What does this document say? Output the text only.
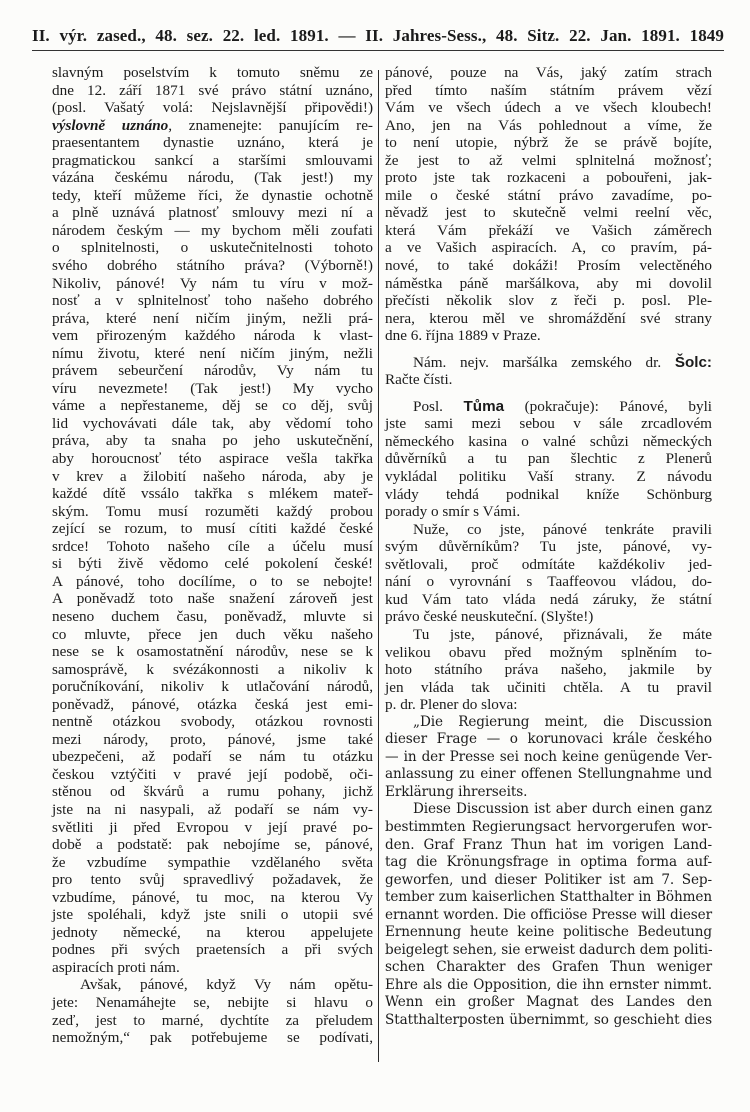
II. výr. zased., 48. sez. 22. led. 1891. — II. Jahres-Sess., 48. Sitz. 22. Jan. 1891. 1849
slavným poselstvím k tomuto sněmu ze
dne 12. září 1871 své právo státní uznáno,
(posl. Vašatý volá: Nejslavnější připovědi!)
výslovně uznáno, znamenejte: panujícím re-
praesentantem dynastie uznáno, která je
pragmatickou sankcí a staršími smlouvami
vázána českému národu, (Tak jest!) my
tedy, kteří můžeme říci, že dynastie ochotně
a plně uznává platnosť smlouvy mezi ní a
národem českým — my bychom měli zoufati
o splnitelnosti, o uskutečnitelnosti tohoto
svého dobrého státního práva? (Výborně!)
Nikoliv, pánové! Vy nám tu víru v mož-
nosť a v splnitelnosť toho našeho dobrého
práva, které není ničím jiným, nežli prá-
vem přirozeným každého národa k vlast-
nímu životu, které není ničím jiným, nežli
právem sebeurčení národův, Vy nám tu
víru nevezmete! (Tak jest!) My vycho
váme a nepřestaneme, děj se co děj, svůj
lid vychovávati dále tak, aby vědomí toho
práva, aby ta snaha po jeho uskutečnění,
aby horoucnosť této aspirace vešla takřka
v krev a žilobití našeho národa, aby je
každé dítě vssálo takřka s mlékem mateř-
ským. Tomu musí rozuměti každý probou
zející se rozum, to musí cítiti každé české
srdce! Tohoto našeho cíle a účelu musí
si býti živě vědomo celé pokolení české!
A pánové, toho docílíme, o to se nebojte!
A poněvadž toto naše snažení zároveň jest
neseno duchem času, poněvadž, mluvte si
co mluvte, přece jen duch věku našeho
nese se k osamostatnění národův, nese se k
samosprávě, k svézákonnosti a nikoliv k
poručníkování, nikoliv k utlačování národů,
poněvadž, pánové, otázka česká jest emi-
nentně otázkou svobody, otázkou rovnosti
mezi národy, proto, pánové, jsme také
ubezpečeni, až podaří se nám tu otázku
českou vztýčiti v pravé její podobě, oči-
stěnou od škvárů a rumu pohany, jichž
jste na ni nasypali, až podaří se nám vy-
světliti ji před Evropou v její pravé po-
době a podstatě: pak nebojíme se, pánové,
že vzbudíme sympathie vzdělaného světa
pro tento svůj spravedlivý požadavek, že
vzbudíme, pánové, tu moc, na kterou Vy
jste spoléhali, když jste snili o utopii své
jednoty německé, na kterou appelujete
podnes při svých praetensích a při svých
aspiracích proti nám.
Avšak, pánové, když Vy nám opětu-
jete: Nenamáhejte se, nebijte si hlavu o
zeď, jest to marné, dychtíte za přeludem
nemožným,“ pak potřebujeme se podívati,
pánové, pouze na Vás, jaký zatím strach
před tímto naším státním právem vězí
Vám ve všech údech a ve všech kloubech!
Ano, jen na Vás pohlednout a víme, že
to není utopie, nýbrž že se právě bojíte,
že jest to až velmi splnitelná možnosť;
proto jste tak rozkaceni a pobouřeni, jak-
mile o české státní právo zavadíme, po-
něvadž jest to skutečně velmi reelní věc,
která Vám překáží ve Vašich záměrech
a ve Vašich aspiracích. A, co pravím, pá-
nové, to také dokáži! Prosím velectěného
náměstka páně maršálkova, aby mi dovolil
přečísti několik slov z řeči p. posl. Ple-
nera, kterou měl ve shromáždění své strany
dne 6. října 1889 v Praze.
Nám. nejv. maršálka zemského dr. Šolc:
Račte čísti.
Posl. Tůma (pokračuje): Pánové, byli
jste sami mezi sebou v sále zrcadlovém
německého kasina o valné schůzi německých
důvěrníků a tu pan šlechtic z Plenerů
vykládal politiku Vaší strany. Z návodu
vlády tehdá podnikal kníže Schönburg
porady o smír s Vámi.
Nuže, co jste, pánové tenkráte pravili
svým důvěrníkům? Tu jste, pánové, vy-
světlovali, proč odmítáte každékoliv jed-
nání o vyrovnání s Taaffeovou vládou, do-
kud Vám tato vláda nedá záruky, že státní
právo české neuskuteční. (Slyšte!)
Tu jste, pánové, přiznávali, že máte
velikou obavu před možným splněním to-
hoto státního práva našeho, jakmile by
jen vláda tak učiniti chtěla. A tu pravil
p. dr. Plener do slova:
„Die Regierung meint, die Discussion
dieser Frage — o korunovaci krále českého
— in der Presse sei noch keine genügende Ver-
anlassung zu einer offenen Stellungnahme und
Erklärung ihrerseits.
Diese Discussion ist aber durch einen ganz
bestimmten Regierungsact hervorgerufen wor-
den. Graf Franz Thun hat im vorigen Land-
tag die Krönungsfrage in optima forma auf-
geworfen, und dieser Politiker ist am 7. Sep-
tember zum kaiserlichen Statthalter in Böhmen
ernannt worden. Die officiöse Presse will dieser
Ernennung heute keine politische Bedeutung
beigelegt sehen, sie erweist dadurch dem politi-
schen Charakter des Grafen Thun weniger
Ehre als die Opposition, die ihn ernster nimmt.
Wenn ein großer Magnat des Landes den
Statthalterposten übernimmt, so geschieht dies
